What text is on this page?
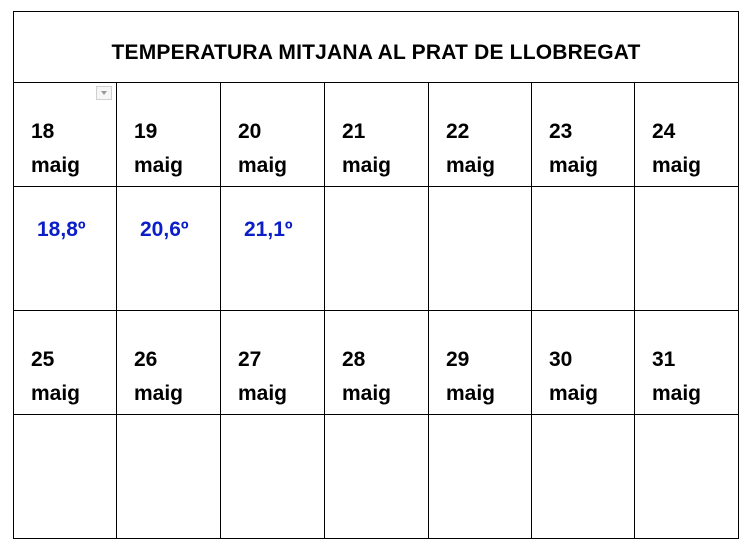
TEMPERATURA MITJANA AL PRAT DE LLOBREGAT						

18
maig	19
maig	20
maig	21
maig	22
maig	23
maig	24
maig

18,8º	20,6º	21,1º				

25
maig	26
maig	27
maig	28
maig	29
maig	30
maig	31
maig
